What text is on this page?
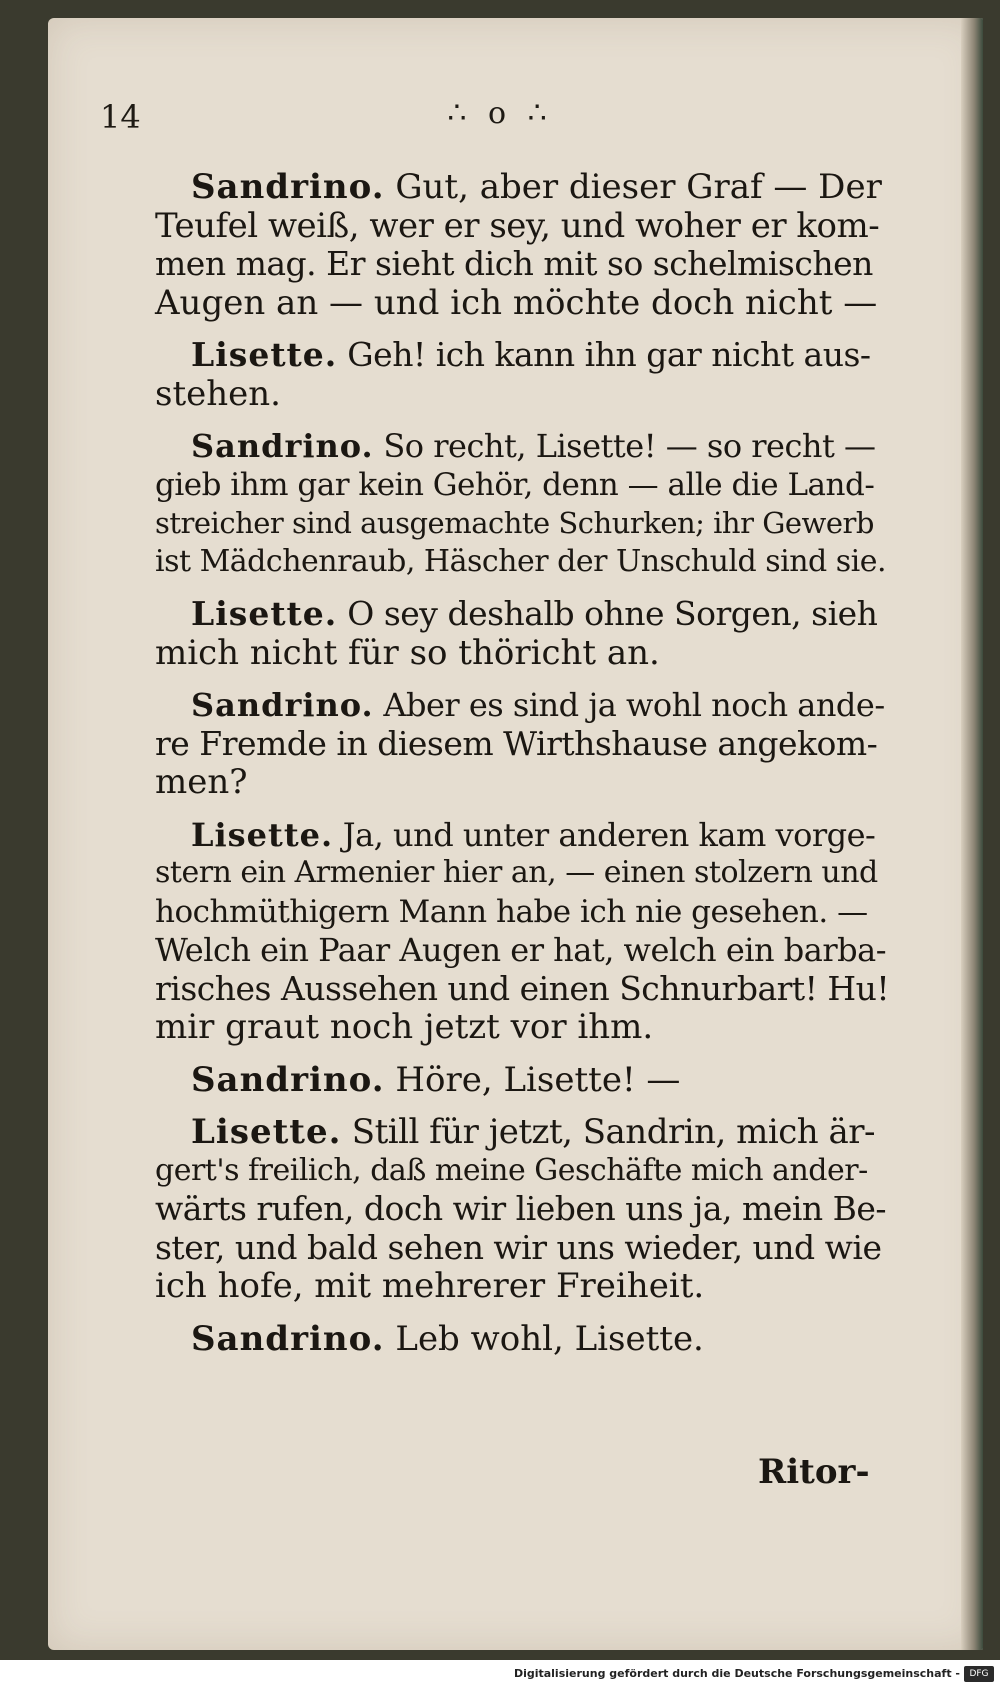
14	∴ o ∴
Sandrino. Gut, aber dieser Graf — Der
Teufel weiß, wer er sey, und woher er kom-
men mag. Er sieht dich mit so schelmischen
Augen an — und ich möchte doch nicht —
Lisette. Geh! ich kann ihn gar nicht aus-
stehen.
Sandrino. So recht, Lisette! — so recht —
gieb ihm gar kein Gehör, denn — alle die Land-
streicher sind ausgemachte Schurken; ihr Gewerb
ist Mädchenraub, Häscher der Unschuld sind sie.
Lisette. O sey deshalb ohne Sorgen, sieh
mich nicht für so thöricht an.
Sandrino. Aber es sind ja wohl noch ande-
re Fremde in diesem Wirthshause angekom-
men?
Lisette. Ja, und unter anderen kam vorge-
stern ein Armenier hier an, — einen stolzern und
hochmüthigern Mann habe ich nie gesehen. —
Welch ein Paar Augen er hat, welch ein barba-
risches Aussehen und einen Schnurbart! Hu!
mir graut noch jetzt vor ihm.
Sandrino. Höre, Lisette! —
Lisette. Still für jetzt, Sandrin, mich är-
gert's freilich, daß meine Geschäfte mich ander-
wärts rufen, doch wir lieben uns ja, mein Be-
ster, und bald sehen wir uns wieder, und wie
ich hofe, mit mehrerer Freiheit.
Sandrino. Leb wohl, Lisette.
Ritor-
Digitalisierung gefördert durch die Deutsche Forschungsgemeinschaft -	DFG
